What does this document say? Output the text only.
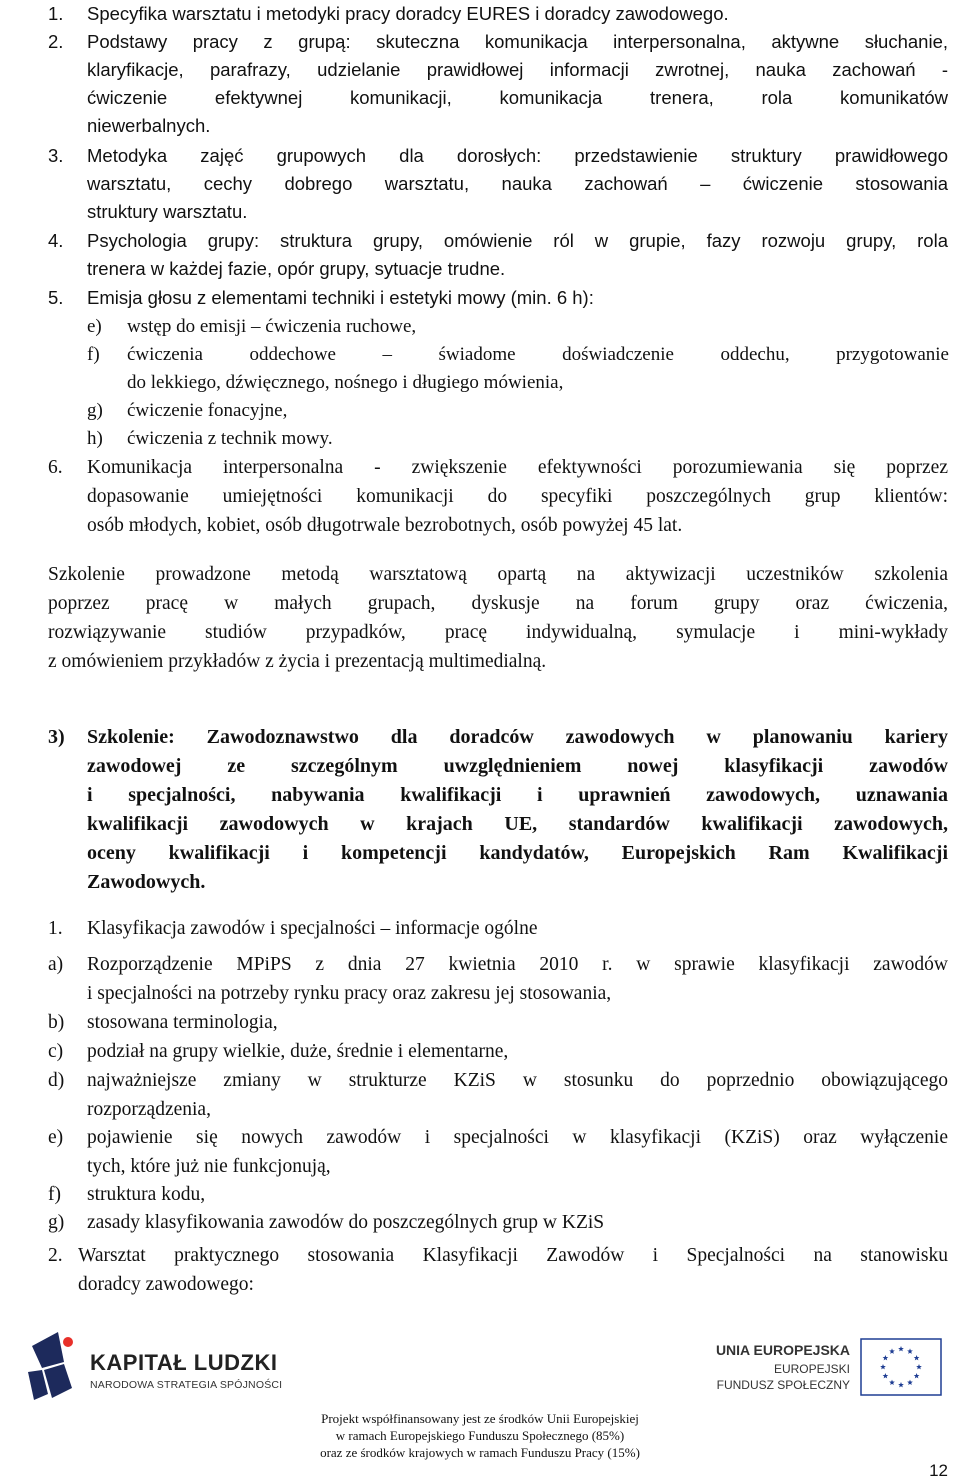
1. Specyfika warsztatu i metodyki pracy doradcy EURES i doradcy zawodowego.
2. Podstawy pracy z grupą: skuteczna komunikacja interpersonalna, aktywne słuchanie,
klaryfikacje, parafrazy, udzielanie prawidłowej informacji zwrotnej, nauka zachowań -
ćwiczenie efektywnej komunikacji, komunikacja trenera, rola komunikatów
niewerbalnych.
3. Metodyka zajęć grupowych dla dorosłych: przedstawienie struktury prawidłowego
warsztatu, cechy dobrego warsztatu, nauka zachowań – ćwiczenie stosowania
struktury warsztatu.
4. Psychologia grupy: struktura grupy, omówienie ról w grupie, fazy rozwoju grupy, rola
trenera w każdej fazie, opór grupy, sytuacje trudne.
5. Emisja głosu z elementami techniki i estetyki mowy (min. 6 h):
e) wstęp do emisji – ćwiczenia ruchowe,
f) ćwiczenia oddechowe – świadome doświadczenie oddechu, przygotowanie
do lekkiego, dźwięcznego, nośnego i długiego mówienia,
g) ćwiczenie fonacyjne,
h) ćwiczenia z technik mowy.
6. Komunikacja interpersonalna - zwiększenie efektywności porozumiewania się poprzez
dopasowanie umiejętności komunikacji do specyfiki poszczególnych grup klientów:
osób młodych, kobiet, osób długotrwale bezrobotnych, osób powyżej 45 lat.
Szkolenie prowadzone metodą warsztatową opartą na aktywizacji uczestników szkolenia
poprzez pracę w małych grupach, dyskusje na forum grupy oraz ćwiczenia,
rozwiązywanie studiów przypadków, pracę indywidualną, symulacje i mini-wykłady
z omówieniem przykładów z życia i prezentacją multimedialną.
3) Szkolenie: Zawodoznawstwo dla doradców zawodowych w planowaniu kariery
zawodowej ze szczególnym uwzględnieniem nowej klasyfikacji zawodów
i specjalności, nabywania kwalifikacji i uprawnień zawodowych, uznawania
kwalifikacji zawodowych w krajach UE, standardów kwalifikacji zawodowych,
oceny kwalifikacji i kompetencji kandydatów, Europejskich Ram Kwalifikacji
Zawodowych.
1. Klasyfikacja zawodów i specjalności – informacje ogólne
a) Rozporządzenie MPiPS z dnia 27 kwietnia 2010 r. w sprawie klasyfikacji zawodów
i specjalności na potrzeby rynku pracy oraz zakresu jej stosowania,
b) stosowana terminologia,
c) podział na grupy wielkie, duże, średnie i elementarne,
d) najważniejsze zmiany w strukturze KZiS w stosunku do poprzednio obowiązującego
rozporządzenia,
e) pojawienie się nowych zawodów i specjalności w klasyfikacji (KZiS) oraz wyłączenie
tych, które już nie funkcjonują,
f) struktura kodu,
g) zasady klasyfikowania zawodów do poszczególnych grup w KZiS
2. Warsztat praktycznego stosowania Klasyfikacji Zawodów i Specjalności na stanowisku
doradcy zawodowego:
KAPITAŁ LUDZKI
NARODOWA STRATEGIA SPÓJNOŚCI
UNIA EUROPEJSKA
EUROPEJSKI
FUNDUSZ SPOŁECZNY
Projekt współfinansowany jest ze środków Unii Europejskiej
w ramach Europejskiego Funduszu Społecznego (85%)
oraz ze środków krajowych w ramach Funduszu Pracy (15%)
12
